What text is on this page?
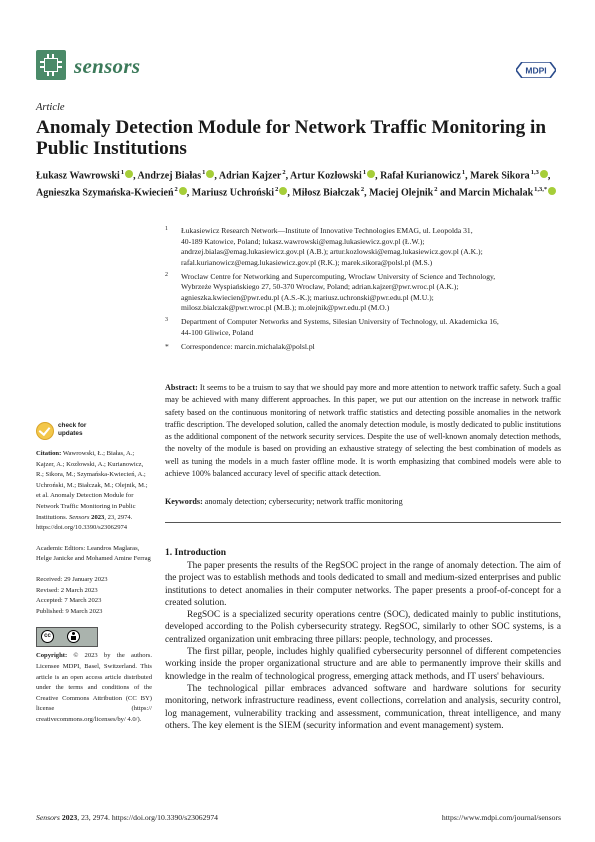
sensors	MDPI
Article
Anomaly Detection Module for Network Traffic Monitoring in Public Institutions
Łukasz Wawrowski$^1$ , Andrzej Białas$^1$ , Adrian Kajzer$^2$, Artur Kozłowski$^1$ , Rafał Kurianowicz$^1$, Marek Sikora$^{1,3}$ , Agnieszka Szymańska-Kwiecień$^2$ , Mariusz Uchroński$^2$ , Miłosz Białczak$^2$, Maciej Olejnik$^2$ and Marcin Michalak$^{1,3,*}$
1 Łukasiewicz Research Network—Institute of Innovative Technologies EMAG, ul. Leopolda 31,
40-189 Katowice, Poland; lukasz.wawrowski@emag.lukasiewicz.gov.pl (Ł.W.);
andrzej.bialas@emag.lukasiewicz.gov.pl (A.B.); artur.kozlowski@emag.lukasiewicz.gov.pl (A.K.);
rafal.kurianowicz@emag.lukasiewicz.gov.pl (R.K.); marek.sikora@polsl.pl (M.S.)
2 Wroclaw Centre for Networking and Supercomputing, Wroclaw University of Science and Technology,
Wybrzeże Wyspiańskiego 27, 50-370 Wrocław, Poland; adrian.kajzer@pwr.wroc.pl (A.K.);
agnieszka.kwiecien@pwr.edu.pl (A.S.-K.); mariusz.uchronski@pwr.edu.pl (M.U.);
milosz.bialczak@pwr.wroc.pl (M.B.); m.olejnik@pwr.edu.pl (M.O.)
3 Department of Computer Networks and Systems, Silesian University of Technology, ul. Akademicka 16,
44-100 Gliwice, Poland
* Correspondence: marcin.michalak@polsl.pl
Abstract: It seems to be a truism to say that we should pay more and more attention to network traffic safety. Such a goal may be achieved with many different approaches. In this paper, we put our attention on the increase in network traffic safety based on the continuous monitoring of network traffic statistics and detecting possible anomalies in the network traffic description. The developed solution, called the anomaly detection module, is mostly dedicated to public institutions as the additional component of the network security services. Despite the use of well-known anomaly detection methods, the novelty of the module is based on providing an exhaustive strategy of selecting the best combination of models as well as tuning the models in a much faster offline mode. It is worth emphasizing that combined models were able to achieve 100% balanced accuracy level of specific attack detection.
Keywords: anomaly detection; cybersecurity; network traffic monitoring
check for
updates
Citation: Wawrowski, Ł.; Białas, A.; Kajzer, A.; Kozłowski, A.; Kurianowicz, R.; Sikora, M.; Szymańska-Kwiecień, A.; Uchroński, M.; Białczak, M.; Olejnik, M.; et al. Anomaly Detection Module for Network Traffic Monitoring in Public Institutions. Sensors 2023, 23, 2974. https://doi.org/10.3390/s23062974
Academic Editors: Leandros Maglaras, Helge Janicke and Mohamed Amine Ferrag

Received: 29 January 2023

Revised: 2 March 2023

Accepted: 7 March 2023

Published: 9 March 2023

cc
Copyright: © 2023 by the authors. Licensee MDPI, Basel, Switzerland. This article is an open access article distributed under the terms and conditions of the Creative Commons Attribution (CC BY) license (https:// creativecommons.org/licenses/by/ 4.0/).
1. Introduction

The paper presents the results of the RegSOC project in the range of anomaly detection. The aim of the project was to establish methods and tools dedicated to small and medium-sized enterprises and public institutions to detect anomalies in their computer networks. The paper presents a proof-of-concept for a created solution.

RegSOC is a specialized security operations centre (SOC), dedicated mainly to public institutions, developed according to the Polish cybersecurity strategy. RegSOC, similarly to other SOC systems, is a centralized organization unit embracing three pillars: people, technology, and processes.

The first pillar, people, includes highly qualified cybersecurity personnel of different competencies working inside the proper organizational structure and are able to permanently improve their skills and knowledge in the realm of technological progress, emerging attack methods, and IT users' behaviours.

The technological pillar embraces advanced software and hardware solutions for security monitoring, network infrastructure readiness, event collections, correlation and analysis, security control, log management, vulnerability tracking and assessment, communication, threat intelligence, and many others. The key element is the SIEM (security information and event management) system.

Sensors 2023, 23, 2974. https://doi.org/10.3390/s23062974	https://www.mdpi.com/journal/sensors
